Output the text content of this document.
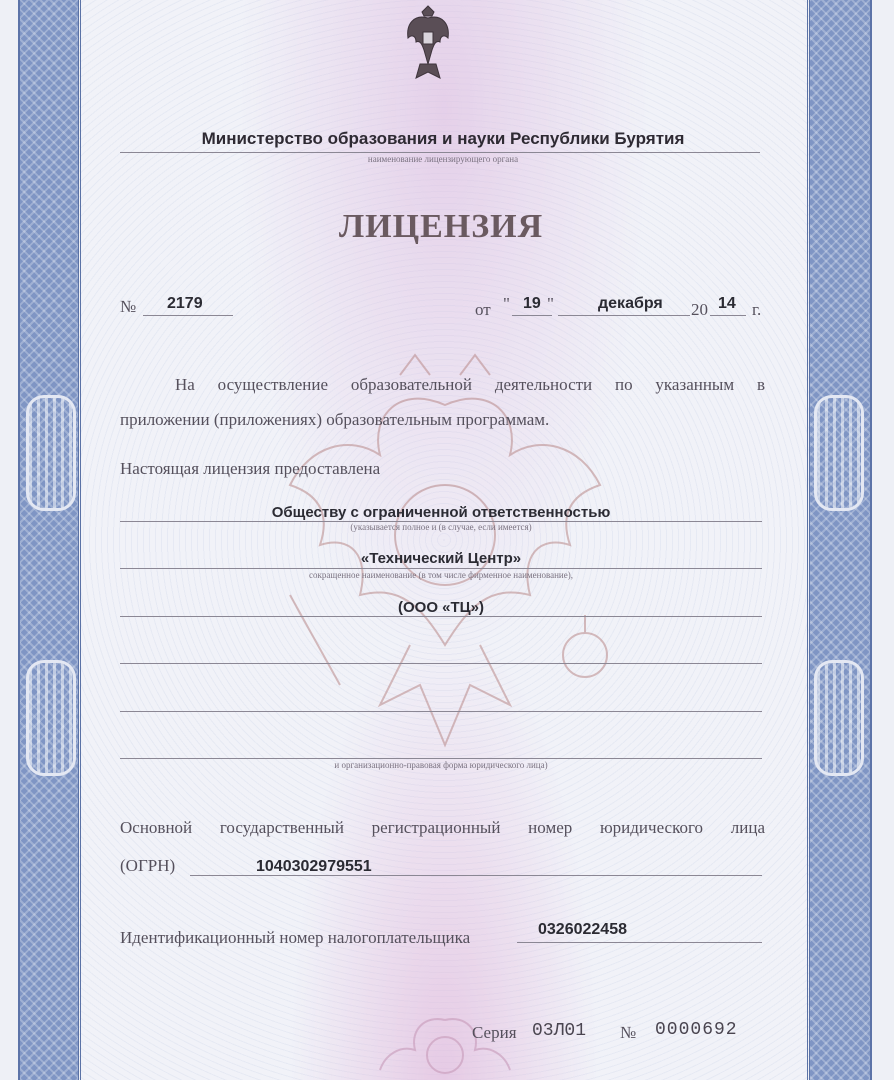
Министерство образования и науки Республики Бурятия
наименование лицензирующего органа
ЛИЦЕНЗИЯ
№ 2179	от " 19 "	декабря 20 14 г.
На осуществление образовательной деятельности по указанным в
приложении (приложениях) образовательным программам.
Настоящая лицензия предоставлена
Обществу с ограниченной ответственностью
(указывается полное и (в случае, если имеется)
«Технический Центр»
сокращенное наименование (в том числе фирменное наименование),
(ООО «ТЦ»)
и организационно-правовая форма юридического лица)
Основной государственный регистрационный номер юридического лица
(ОГРН)	1040302979551
Идентификационный номер налогоплательщика	0326022458
Серия 03Л01 № 0000692
